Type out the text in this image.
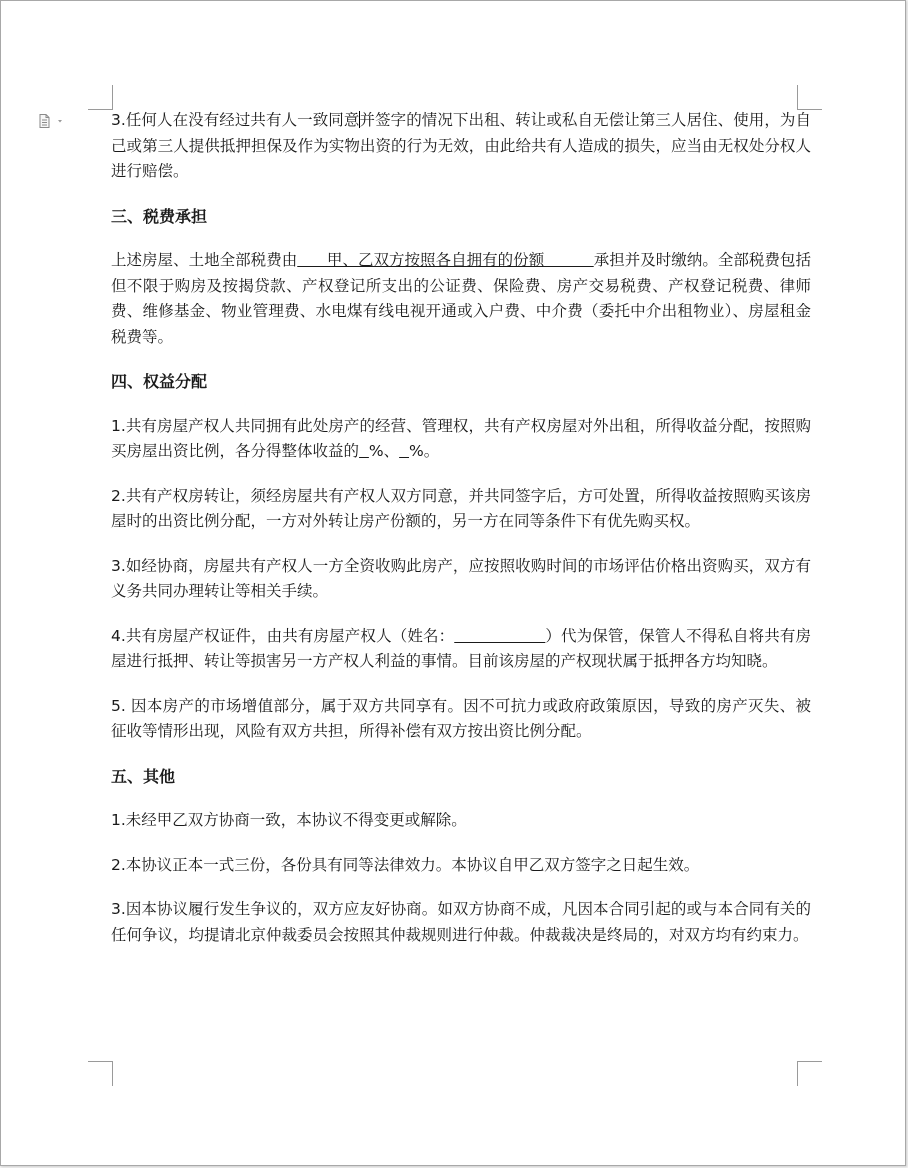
3.任何人在没有经过共有人一致同意并签字的情况下出租、转让或私自无偿让第三人居住、使用，为自己或第三人提供抵押担保及作为实物出资的行为无效，由此给共有人造成的损失，应当由无权处分权人进行赔偿。

三、税费承担

上述房屋、土地全部税费由      甲、乙双方按照各自拥有的份额          承担并及时缴纳。全部税费包括但不限于购房及按揭贷款、产权登记所支出的公证费、保险费、房产交易税费、产权登记税费、律师费、维修基金、物业管理费、水电煤有线电视开通或入户费、中介费（委托中介出租物业）、房屋租金税费等。

四、权益分配

1.共有房屋产权人共同拥有此处房产的经营、管理权，共有产权房屋对外出租，所得收益分配，按照购买房屋出资比例，各分得整体收益的 %、 %。

2.共有产权房转让，须经房屋共有产权人双方同意，并共同签字后，方可处置，所得收益按照购买该房屋时的出资比例分配，一方对外转让房产份额的，另一方在同等条件下有优先购买权。

3.如经协商，房屋共有产权人一方全资收购此房产，应按照收购时间的市场评估价格出资购买，双方有义务共同办理转让等相关手续。

4.共有房屋产权证件，由共有房屋产权人（姓名：	）代为保管，保管人不得私自将共有房屋进行抵押、转让等损害另一方产权人利益的事情。目前该房屋的产权现状属于抵押各方均知晓。

5. 因本房产的市场增值部分，属于双方共同享有。因不可抗力或政府政策原因，导致的房产灭失、被征收等情形出现，风险有双方共担，所得补偿有双方按出资比例分配。

五、其他

1.未经甲乙双方协商一致，本协议不得变更或解除。

2.本协议正本一式三份，各份具有同等法律效力。本协议自甲乙双方签字之日起生效。

3.因本协议履行发生争议的，双方应友好协商。如双方协商不成，凡因本合同引起的或与本合同有关的任何争议，均提请北京仲裁委员会按照其仲裁规则进行仲裁。仲裁裁决是终局的，对双方均有约束力。
